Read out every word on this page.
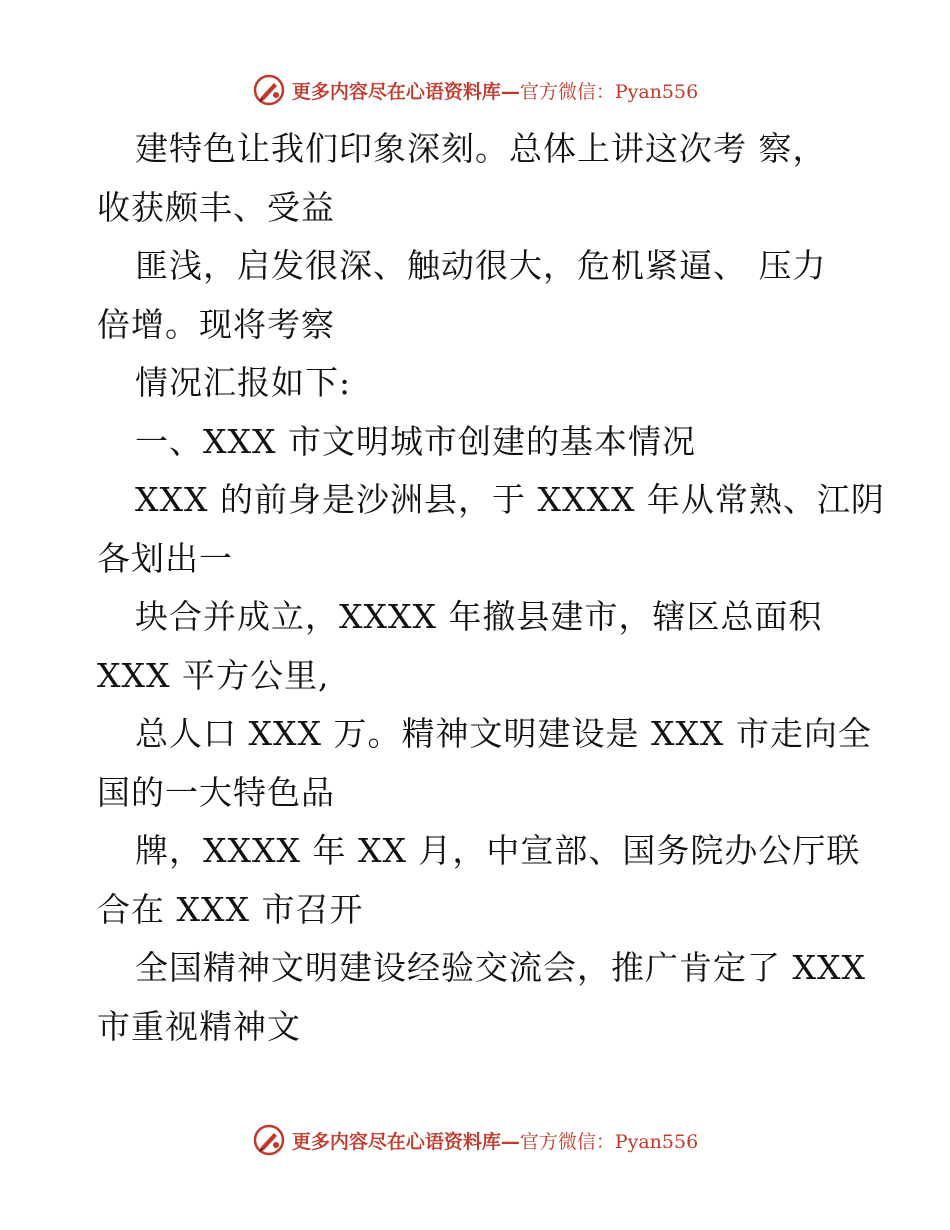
更多内容尽在心语资料库—官方微信：Pyan556
建特色让我们印象深刻。总体上讲这次考 察，
收获颇丰、受益
匪浅，启发很深、触动很大，危机紧逼、 压力
倍增。现将考察
情况汇报如下:
一、XXX 市文明城市创建的基本情况
XXX 的前身是沙洲县，于 XXXX 年从常熟、江阴
各划出一
块合并成立，XXXX 年撤县建市，辖区总面积
XXX 平方公里,
总人口 XXX 万。精神文明建设是 XXX 市走向全
国的一大特色品
牌，XXXX 年 XX 月，中宣部、国务院办公厅联
合在 XXX 市召开
全国精神文明建设经验交流会，推广肯定了 XXX
市重视精神文
更多内容尽在心语资料库—官方微信：Pyan556
